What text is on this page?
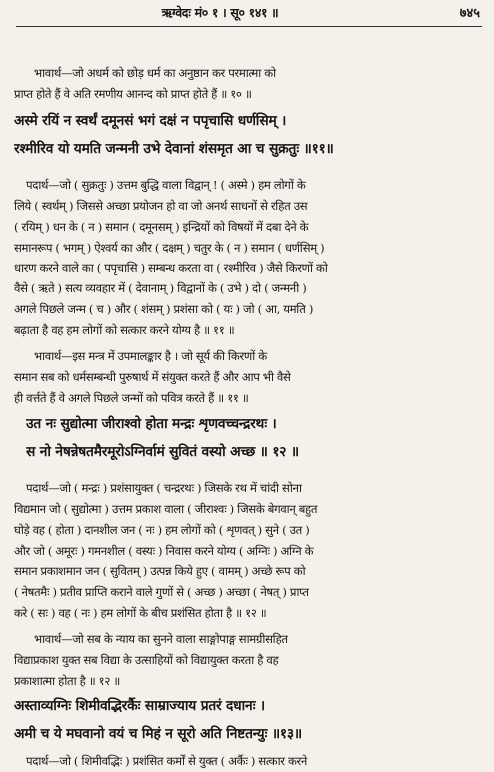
ऋग्वेदः मं० १ । सू० १४१ ॥	७४५
भावार्थ—जो अधर्म को छोड़ धर्म का अनुष्ठान कर परमात्मा को
प्राप्त होते हैं वे अति रमणीय आनन्द को प्राप्त होते हैं ॥ १० ॥
अस्मे रयिं न स्वर्थं दमूनसं भगं दक्षं न पपृचासि धर्णसिम् ।
रश्मीरिव यो यमति जन्मनी उभे देवानां शंसमृत आ च सुक्रतुः ॥११॥
पदार्थ—जो ( सुक्रतुः ) उत्तम बुद्धि वाला विद्वान् ! ( अस्मे ) हम लोगों के
लिये ( स्वर्थम् ) जिससे अच्छा प्रयोजन हो वा जो अनर्थ साधनों से रहित उस
( रयिम् ) धन के ( न ) समान ( दमूनसम् ) इन्द्रियों को विषयों में दबा देने के
समानरूप ( भगम् ) ऐश्वर्य का और ( दक्षम् ) चतुर के ( न ) समान ( धर्णसिम् )
धारण करने वाले का ( पपृचासि ) सम्बन्ध करता वा ( रश्मीरिव ) जैसे किरणों को
वैसे ( ऋते ) सत्य व्यवहार में ( देवानाम् ) विद्वानों के ( उभे ) दो ( जन्मनी )
अगले पिछले जन्म ( च ) और ( शंसम् ) प्रशंसा को ( यः ) जो ( आ, यमति )
बढ़ाता है वह हम लोगों को सत्कार करने योग्य है ॥ ११ ॥
भावार्थ—इस मन्त्र में उपमालङ्कार है । जो सूर्य की किरणों के
समान सब को धर्मसम्बन्धी पुरुषार्थ में संयुक्त करते हैं और आप भी वैसे
ही वर्त्तते हैं वे अगले पिछले जन्मों को पवित्र करते हैं ॥ ११ ॥
उत नः सुद्योत्मा जीराश्वो होता मन्द्रः शृणवच्चन्द्ररथः ।
स नो नेषन्नेषतमैरमूरोऽग्निर्वामं सुवितं वस्यो अच्छ ॥ १२ ॥
पदार्थ—जो ( मन्द्रः ) प्रशंसायुक्त ( चन्द्ररथः ) जिसके रथ में चांदी सोना
विद्यमान जो ( सुद्योत्मा ) उत्तम प्रकाश वाला ( जीराश्वः ) जिसके बेगवान् बहुत
घोड़े वह ( होता ) दानशील जन ( नः ) हम लोगों को ( शृणवत् ) सुने ( उत )
और जो ( अमूरः ) गमनशील ( वस्यः ) निवास करने योग्य ( अग्निः ) अग्नि के
समान प्रकाशमान जन ( सुवितम् ) उत्पन्न किये हुए ( वामम् ) अच्छे रूप को
( नेषतमैः ) प्रतीव प्राप्ति कराने वाले गुणों से ( अच्छ ) अच्छा ( नेषत् ) प्राप्त
करे ( सः ) वह ( नः ) हम लोगों के बीच प्रशंसित होता है ॥ १२ ॥
भावार्थ—जो सब के न्याय का सुनने वाला साङ्गोपाङ्ग सामग्रीसहित
विद्याप्रकाश युक्त सब विद्या के उत्साहियों को विद्यायुक्त करता है वह
प्रकाशात्मा होता है ॥ १२ ॥
अस्ताव्यग्निः शिमीवद्भिरर्कैः साम्राज्याय प्रतरं दधानः ।
अमी च ये मघवानो वयं च मिहं न सूरो अति निष्टतन्युः ॥१३॥
पदार्थ—जो ( शिमीवद्भिः ) प्रशंसित कर्मों से युक्त ( अर्कैः ) सत्कार करने
